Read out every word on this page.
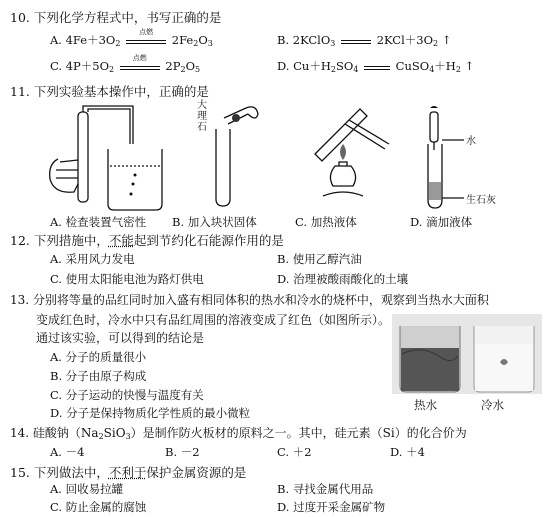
10. 下列化学方程式中，书写正确的是
A. $4Fe+3O_2$
点燃
$2Fe_2O_3$	B. 2KClO$_3$	$2KCl+3O_2$ ↑
C. $4P+5O_2$
点燃
$2P_2O_5$	D. $Cu+H_2SO_4$	$CuSO_4+H_2$ ↑
11. 下列实验基本操作中，正确的是
大理石
水
生石灰
A. 检查装置气密性 B. 加入块状固体	C. 加热液体	D. 滴加液体
12. 下列措施中，不能起到节约化石能源作用的是
A. 采用风力发电	B. 使用乙醇汽油
C. 使用太阳能电池为路灯供电	D. 治理被酸雨酸化的土壤
13. 分别将等量的品红同时加入盛有相同体积的热水和冷水的烧杯中，观察到当热水大面积
变成红色时，冷水中只有品红周围的溶液变成了红色（如图所示）。
通过该实验，可以得到的结论是
A. 分子的质量很小
B. 分子由原子构成
C. 分子运动的快慢与温度有关
D. 分子是保持物质化学性质的最小微粒
热水	冷水
14. 硅酸钠$(Na_2SiO_3)$是制作防火板材的原料之一。其中，硅元素（Si）的化合价为
A. －4	B. －2	C. ＋2	D. ＋4
15. 下列做法中，不利于保护金属资源的是
A. 回收易拉罐	B. 寻找金属代用品
C. 防止金属的腐蚀	D. 过度开采金属矿物
